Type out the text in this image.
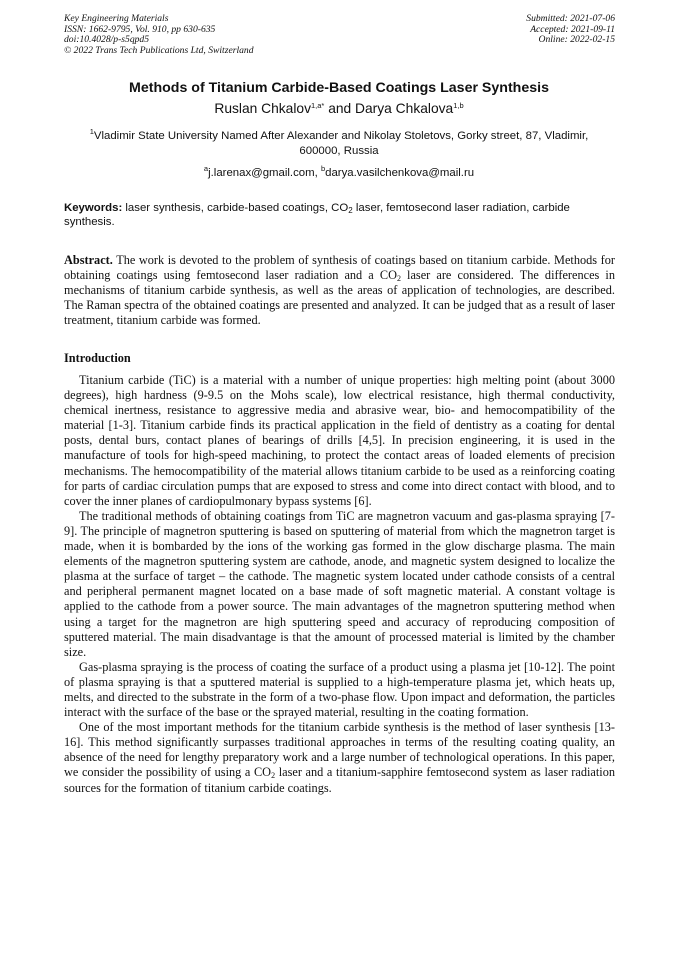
Key Engineering Materials
ISSN: 1662-9795, Vol. 910, pp 630-635
doi:10.4028/p-s5qpd5
© 2022 Trans Tech Publications Ltd, Switzerland
Submitted: 2021-07-06
Accepted: 2021-09-11
Online: 2022-02-15
Methods of Titanium Carbide-Based Coatings Laser Synthesis
Ruslan Chkalov$^{1,a*}$ and Darya Chkalova$^{1,b}$
$^1$Vladimir State University Named After Alexander and Nikolay Stoletovs, Gorky street, 87, Vladimir, 600000, Russia
$^a$j.larenax@gmail.com, $^b$darya.vasilchenkova@mail.ru
Keywords: laser synthesis, carbide-based coatings, $CO_2$ laser, femtosecond laser radiation, carbide synthesis.
Abstract. The work is devoted to the problem of synthesis of coatings based on titanium carbide. Methods for obtaining coatings using femtosecond laser radiation and a $CO_2$ laser are considered. The differences in mechanisms of titanium carbide synthesis, as well as the areas of application of technologies, are described. The Raman spectra of the obtained coatings are presented and analyzed. It can be judged that as a result of laser treatment, titanium carbide was formed.
Introduction

Titanium carbide (TiC) is a material with a number of unique properties: high melting point (about 3000 degrees), high hardness (9-9.5 on the Mohs scale), low electrical resistance, high thermal conductivity, chemical inertness, resistance to aggressive media and abrasive wear, bio- and hemocompatibility of the material [1-3]. Titanium carbide finds its practical application in the field of dentistry as a coating for dental posts, dental burs, contact planes of bearings of drills [4,5]. In precision engineering, it is used in the manufacture of tools for high-speed machining, to protect the contact areas of loaded elements of precision mechanisms. The hemocompatibility of the material allows titanium carbide to be used as a reinforcing coating for parts of cardiac circulation pumps that are exposed to stress and come into direct contact with blood, and to cover the inner planes of cardiopulmonary bypass systems [6].

The traditional methods of obtaining coatings from TiC are magnetron vacuum and gas-plasma spraying [7-9]. The principle of magnetron sputtering is based on sputtering of material from which the magnetron target is made, when it is bombarded by the ions of the working gas formed in the glow discharge plasma. The main elements of the magnetron sputtering system are cathode, anode, and magnetic system designed to localize the plasma at the surface of target – the cathode. The magnetic system located under cathode consists of a central and peripheral permanent magnet located on a base made of soft magnetic material. A constant voltage is applied to the cathode from a power source. The main advantages of the magnetron sputtering method when using a target for the magnetron are high sputtering speed and accuracy of reproducing composition of sputtered material. The main disadvantage is that the amount of processed material is limited by the chamber size.

Gas-plasma spraying is the process of coating the surface of a product using a plasma jet [10-12]. The point of plasma spraying is that a sputtered material is supplied to a high-temperature plasma jet, which heats up, melts, and directed to the substrate in the form of a two-phase flow. Upon impact and deformation, the particles interact with the surface of the base or the sprayed material, resulting in the coating formation.

One of the most important methods for the titanium carbide synthesis is the method of laser synthesis [13-16]. This method significantly surpasses traditional approaches in terms of the resulting coating quality, an absence of the need for lengthy preparatory work and a large number of technological operations. In this paper, we consider the possibility of using a $CO_2$ laser and a titanium-sapphire femtosecond system as laser radiation sources for the formation of titanium carbide coatings.
